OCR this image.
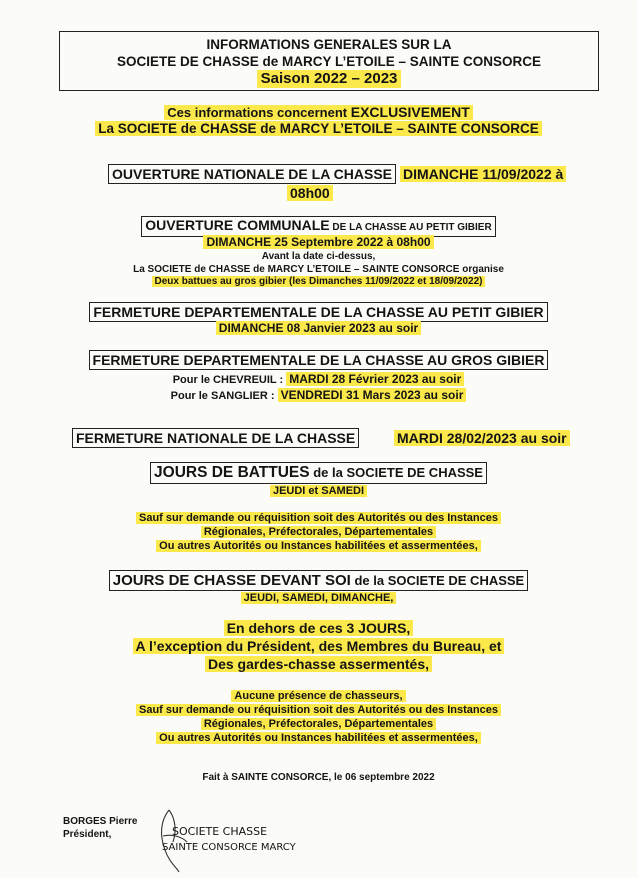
INFORMATIONS GENERALES SUR LA
SOCIETE DE CHASSE de MARCY L’ETOILE – SAINTE CONSORCE
Saison 2022 – 2023
Ces informations concernent EXCLUSIVEMENT
La SOCIETE de CHASSE de MARCY L’ETOILE – SAINTE CONSORCE
OUVERTURE NATIONALE DE LA CHASSE DIMANCHE 11/09/2022 à
08h00
OUVERTURE COMMUNALE DE LA CHASSE AU PETIT GIBIER
DIMANCHE 25 Septembre 2022 à 08h00
Avant la date ci-dessus,
La SOCIETE de CHASSE de MARCY L’ETOILE – SAINTE CONSORCE organise
Deux battues au gros gibier (les Dimanches 11/09/2022 et 18/09/2022)
FERMETURE DEPARTEMENTALE DE LA CHASSE AU PETIT GIBIER
DIMANCHE 08 Janvier 2023 au soir
FERMETURE DEPARTEMENTALE DE LA CHASSE AU GROS GIBIER
Pour le CHEVREUIL : MARDI 28 Février 2023 au soir
Pour le SANGLIER : VENDREDI 31 Mars 2023 au soir
FERMETURE NATIONALE DE LA CHASSE	MARDI 28/02/2023 au soir
JOURS DE BATTUES de la SOCIETE DE CHASSE
JEUDI et SAMEDI
Sauf sur demande ou réquisition soit des Autorités ou des Instances
Régionales, Préfectorales, Départementales
Ou autres Autorités ou Instances habilitées et assermentées,
JOURS DE CHASSE DEVANT SOI de la SOCIETE DE CHASSE
JEUDI, SAMEDI, DIMANCHE,
En dehors de ces 3 JOURS,
A l’exception du Président, des Membres du Bureau, et
Des gardes-chasse assermentés,
Aucune présence de chasseurs,
Sauf sur demande ou réquisition soit des Autorités ou des Instances
Régionales, Préfectorales, Départementales
Ou autres Autorités ou Instances habilitées et assermentées,
Fait à SAINTE CONSORCE, le 06 septembre 2022
BORGES Pierre
Président,	SOCIETE CHASSE
SAINTE CONSORCE MARCY
